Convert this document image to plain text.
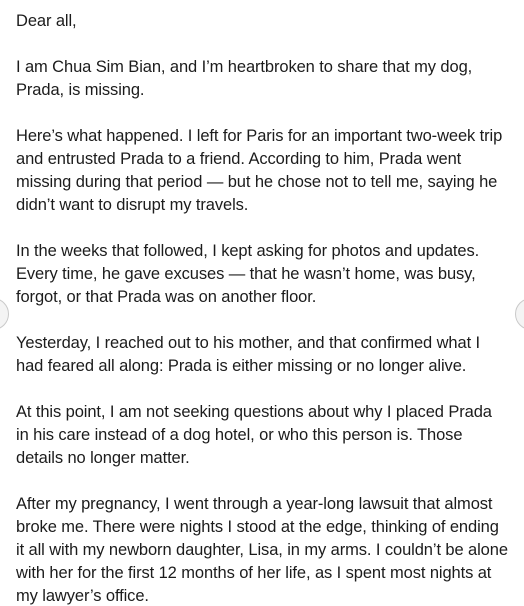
Dear all,

I am Chua Sim Bian, and I’m heartbroken to share that my dog, Prada, is missing.

Here’s what happened. I left for Paris for an important two-week trip and entrusted Prada to a friend. According to him, Prada went missing during that period — but he chose not to tell me, saying he didn’t want to disrupt my travels.

In the weeks that followed, I kept asking for photos and updates. Every time, he gave excuses — that he wasn’t home, was busy, forgot, or that Prada was on another floor.

Yesterday, I reached out to his mother, and that confirmed what I had feared all along: Prada is either missing or no longer alive.

At this point, I am not seeking questions about why I placed Prada in his care instead of a dog hotel, or who this person is. Those details no longer matter.

After my pregnancy, I went through a year-long lawsuit that almost broke me. There were nights I stood at the edge, thinking of ending it all with my newborn daughter, Lisa, in my arms. I couldn’t be alone with her for the first 12 months of her life, as I spent most nights at my lawyer’s office.
